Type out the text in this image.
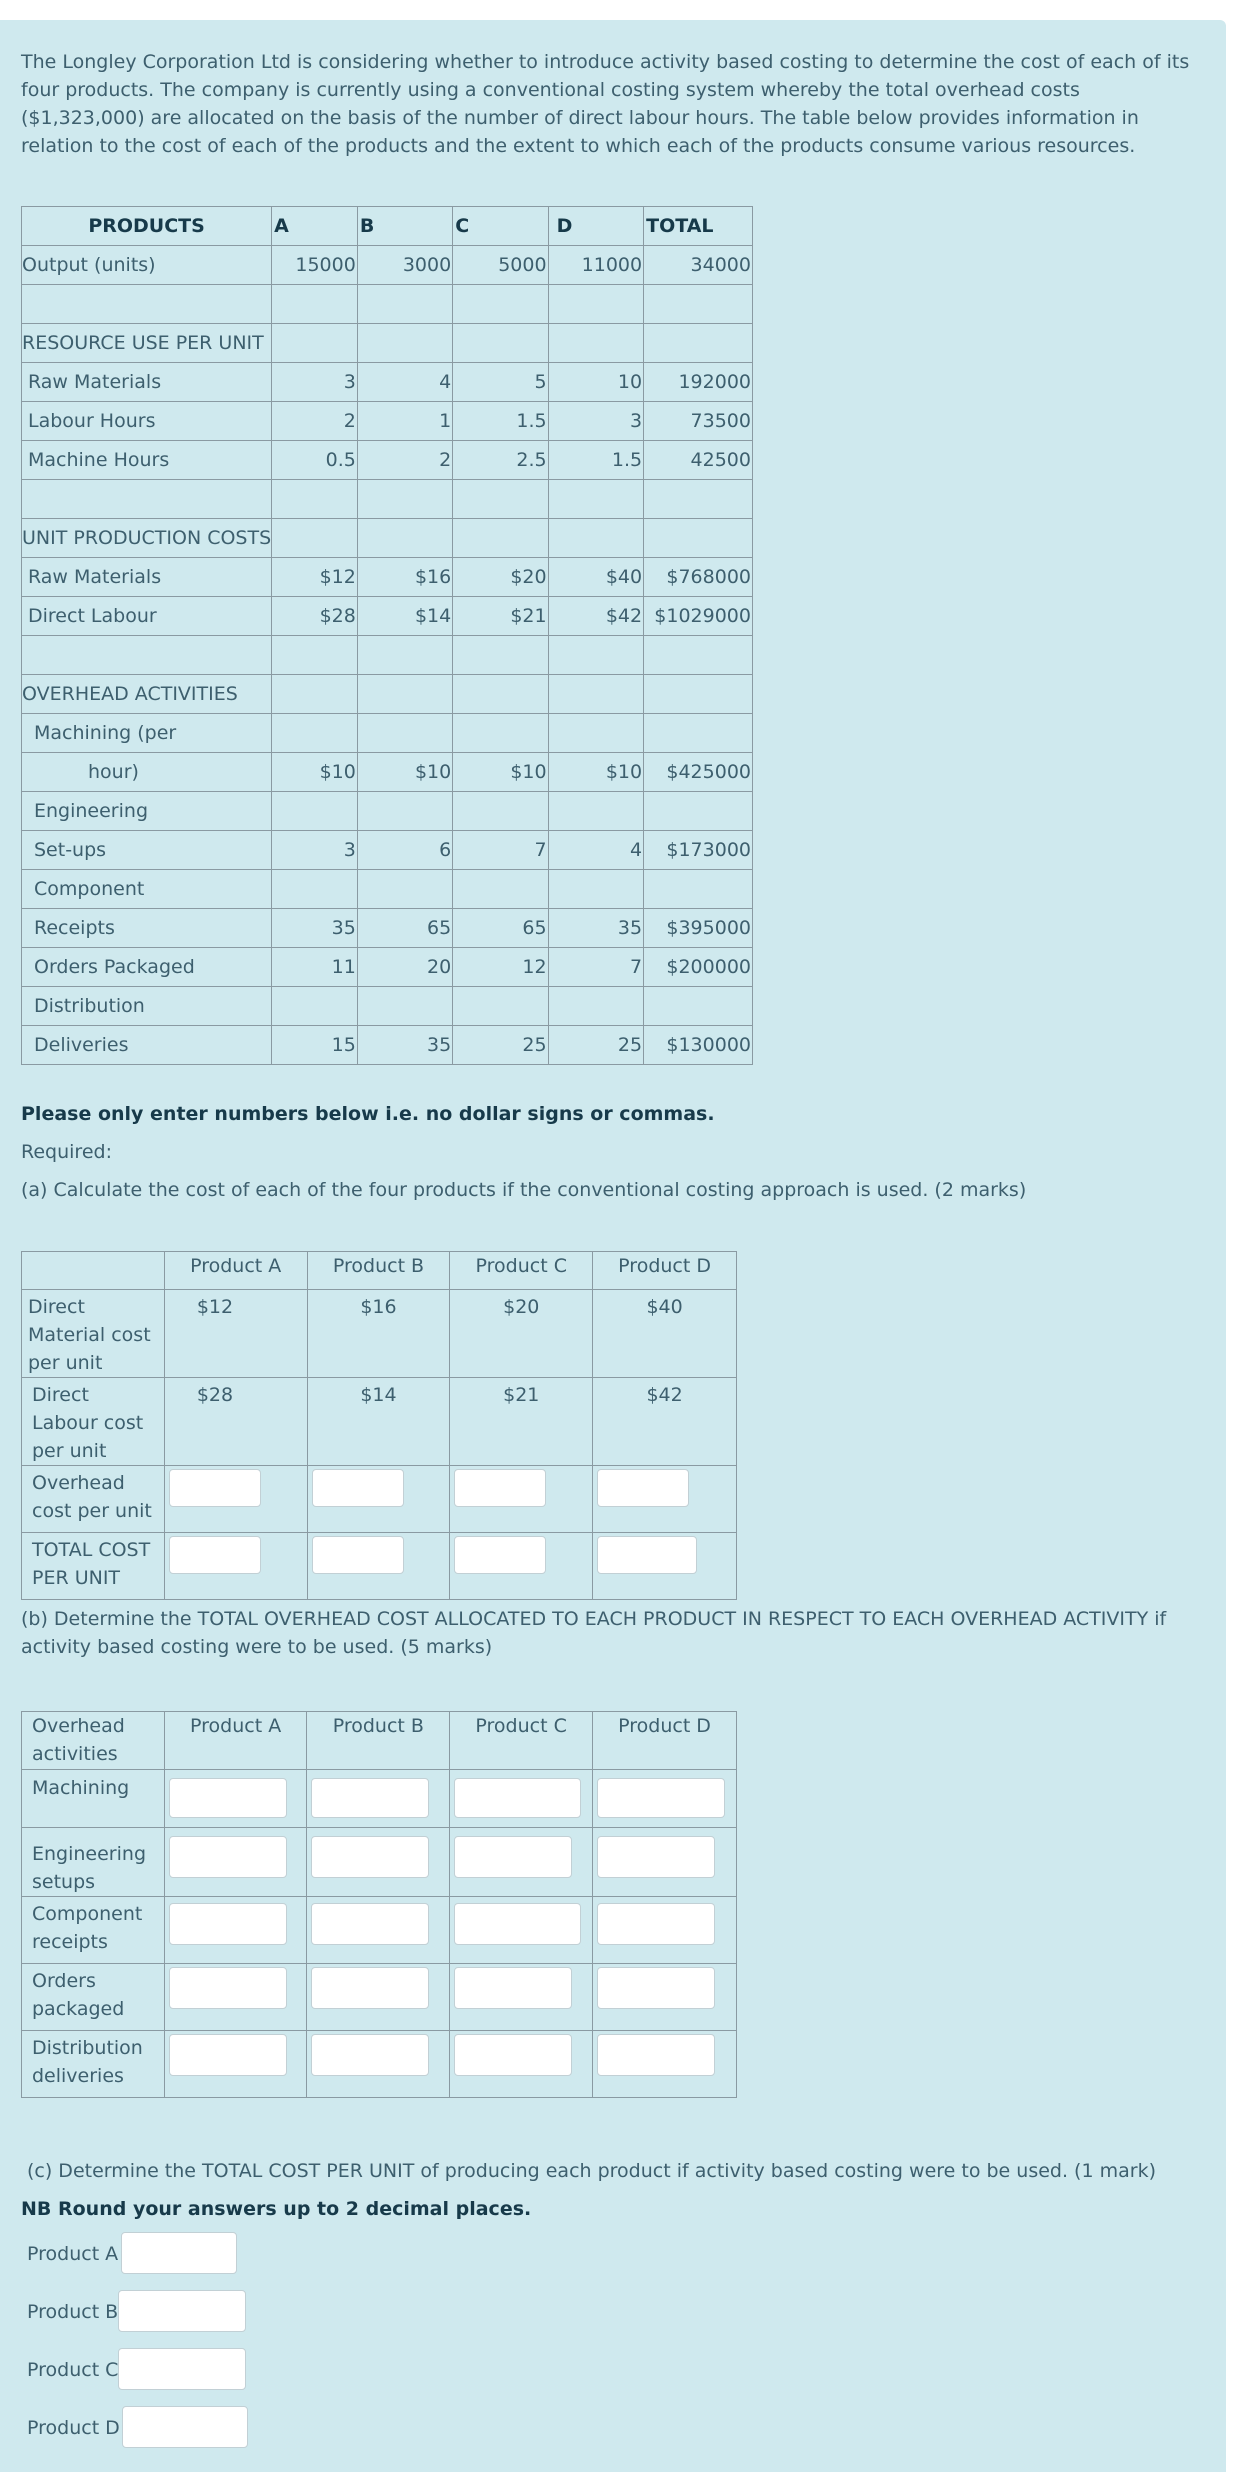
The Longley Corporation Ltd is considering whether to introduce activity based costing to determine the cost of each of its four products. The company is currently using a conventional costing system whereby the total overhead costs ($1,323,000) are allocated on the basis of the number of direct labour hours. The table below provides information in relation to the cost of each of the products and the extent to which each of the products consume various resources.

PRODUCTS	A	B	C	D	TOTAL
Output (units)	15000	3000	5000	11000	34000

RESOURCE USE PER UNIT					
Raw Materials	3	4	5	10	192000
Labour Hours	2	1	1.5	3	73500
Machine Hours	0.5	2	2.5	1.5	42500

UNIT PRODUCTION COSTS					
Raw Materials	$12	$16	$20	$40	$768000
Direct Labour	$28	$14	$21	$42	$1029000

OVERHEAD ACTIVITIES					
Machining (per					
hour)	$10	$10	$10	$10	$425000
Engineering					
Set-ups	3	6	7	4	$173000
Component					
Receipts	35	65	65	35	$395000
Orders Packaged	11	20	12	7	$200000
Distribution					
Deliveries	15	35	25	25	$130000

Please only enter numbers below i.e. no dollar signs or commas.

Required:

(a) Calculate the cost of each of the four products if the conventional costing approach is used. (2 marks)

	Product A	Product B	Product C	Product D

Direct Material cost per unit	$12	$16	$20	$40

Direct Labour cost per unit	$28	$14	$21	$42

Overhead cost per unit				

TOTAL COST PER UNIT				

(b) Determine the TOTAL OVERHEAD COST ALLOCATED TO EACH PRODUCT IN RESPECT TO EACH OVERHEAD ACTIVITY if activity based costing were to be used. (5 marks)

Overhead activities	Product A	Product B	Product C	Product D

Machining				

Engineering setups				

Component receipts				

Orders packaged				

Distribution deliveries				

(c) Determine the TOTAL COST PER UNIT of producing each product if activity based costing were to be used. (1 mark)

NB Round your answers up to 2 decimal places.

Product A
Product B
Product C
Product D
